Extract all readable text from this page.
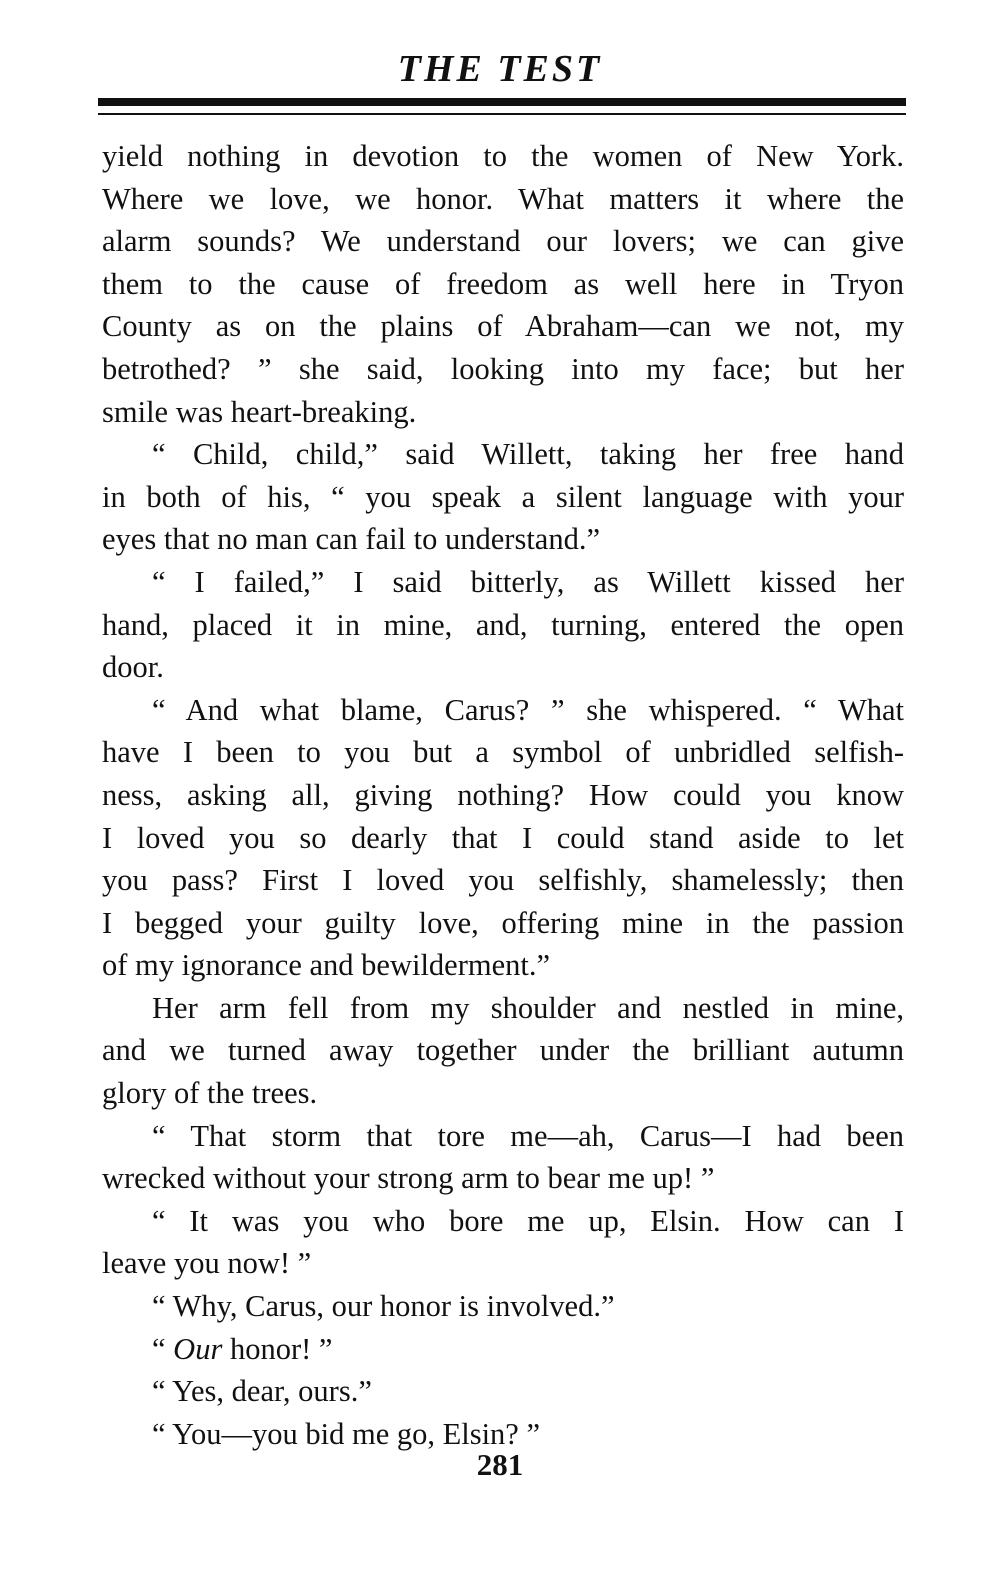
THE TEST
yield nothing in devotion to the women of New York.
Where we love, we honor. What matters it where the
alarm sounds? We understand our lovers; we can give
them to the cause of freedom as well here in Tryon
County as on the plains of Abraham—can we not, my
betrothed? ” she said, looking into my face; but her
smile was heart-breaking.
“ Child, child,” said Willett, taking her free hand
in both of his, “ you speak a silent language with your
eyes that no man can fail to understand.”
“ I failed,” I said bitterly, as Willett kissed her
hand, placed it in mine, and, turning, entered the open
door.
“ And what blame, Carus? ” she whispered. “ What
have I been to you but a symbol of unbridled selfish-
ness, asking all, giving nothing? How could you know
I loved you so dearly that I could stand aside to let
you pass? First I loved you selfishly, shamelessly; then
I begged your guilty love, offering mine in the passion
of my ignorance and bewilderment.”
Her arm fell from my shoulder and nestled in mine,
and we turned away together under the brilliant autumn
glory of the trees.
“ That storm that tore me—ah, Carus—I had been
wrecked without your strong arm to bear me up! ”
“ It was you who bore me up, Elsin. How can I
leave you now! ”
“ Why, Carus, our honor is involved.”
“ Our honor! ”
“ Yes, dear, ours.”
“ You—you bid me go, Elsin? ”
281
